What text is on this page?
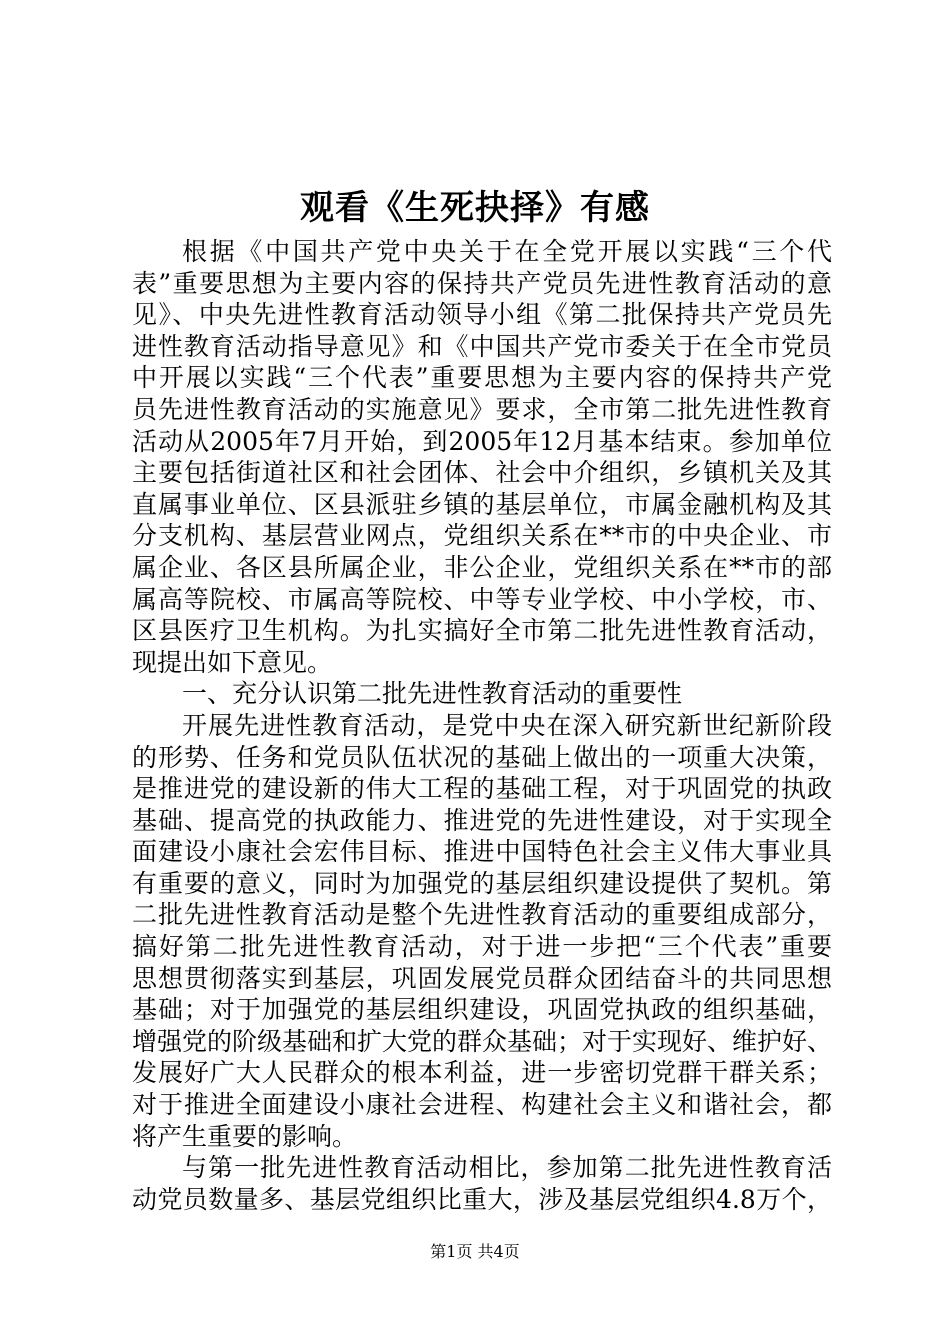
观看《生死抉择》有感
根据《中国共产党中央关于在全党开展以实践“三个代
表”重要思想为主要内容的保持共产党员先进性教育活动的意
见》、中央先进性教育活动领导小组《第二批保持共产党员先
进性教育活动指导意见》和《中国共产党市委关于在全市党员
中开展以实践“三个代表”重要思想为主要内容的保持共产党
员先进性教育活动的实施意见》要求，全市第二批先进性教育
活动从2005年7月开始，到2005年12月基本结束。参加单位
主要包括街道社区和社会团体、社会中介组织，乡镇机关及其
直属事业单位、区县派驻乡镇的基层单位，市属金融机构及其
分支机构、基层营业网点，党组织关系在**市的中央企业、市
属企业、各区县所属企业，非公企业，党组织关系在**市的部
属高等院校、市属高等院校、中等专业学校、中小学校，市、
区县医疗卫生机构。为扎实搞好全市第二批先进性教育活动，
现提出如下意见。
一、充分认识第二批先进性教育活动的重要性
开展先进性教育活动，是党中央在深入研究新世纪新阶段
的形势、任务和党员队伍状况的基础上做出的一项重大决策，
是推进党的建设新的伟大工程的基础工程，对于巩固党的执政
基础、提高党的执政能力、推进党的先进性建设，对于实现全
面建设小康社会宏伟目标、推进中国特色社会主义伟大事业具
有重要的意义，同时为加强党的基层组织建设提供了契机。第
二批先进性教育活动是整个先进性教育活动的重要组成部分，
搞好第二批先进性教育活动，对于进一步把“三个代表”重要
思想贯彻落实到基层，巩固发展党员群众团结奋斗的共同思想
基础；对于加强党的基层组织建设，巩固党执政的组织基础，
增强党的阶级基础和扩大党的群众基础；对于实现好、维护好、
发展好广大人民群众的根本利益，进一步密切党群干群关系；
对于推进全面建设小康社会进程、构建社会主义和谐社会，都
将产生重要的影响。
与第一批先进性教育活动相比，参加第二批先进性教育活
动党员数量多、基层党组织比重大，涉及基层党组织4.8万个，
第1页 共4页
